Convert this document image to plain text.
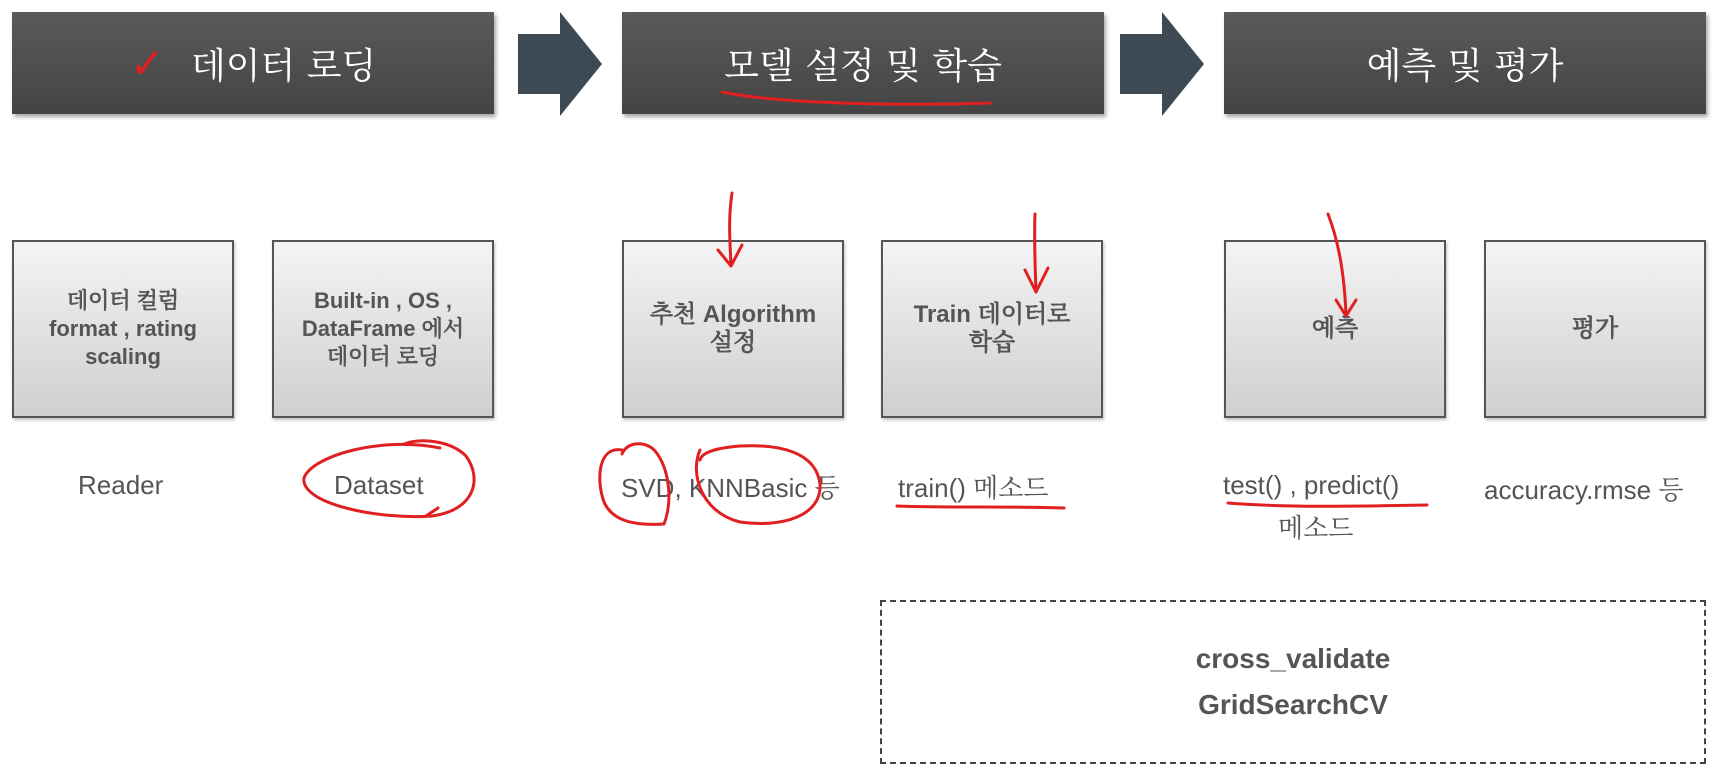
✓ 데이터 로딩	모델 설정 및 학습	예측 및 평가
데이터 컬럼
format , rating
scaling
Built-in , OS ,
DataFrame 에서
데이터 로딩
추천 Algorithm
설정
Train 데이터로
학습
예측	평가
Reader	Dataset	SVD, KNNBasic 등 train() 메소드	test() , predict()
메소드
accuracy.rmse 등
cross_validate
GridSearchCV
